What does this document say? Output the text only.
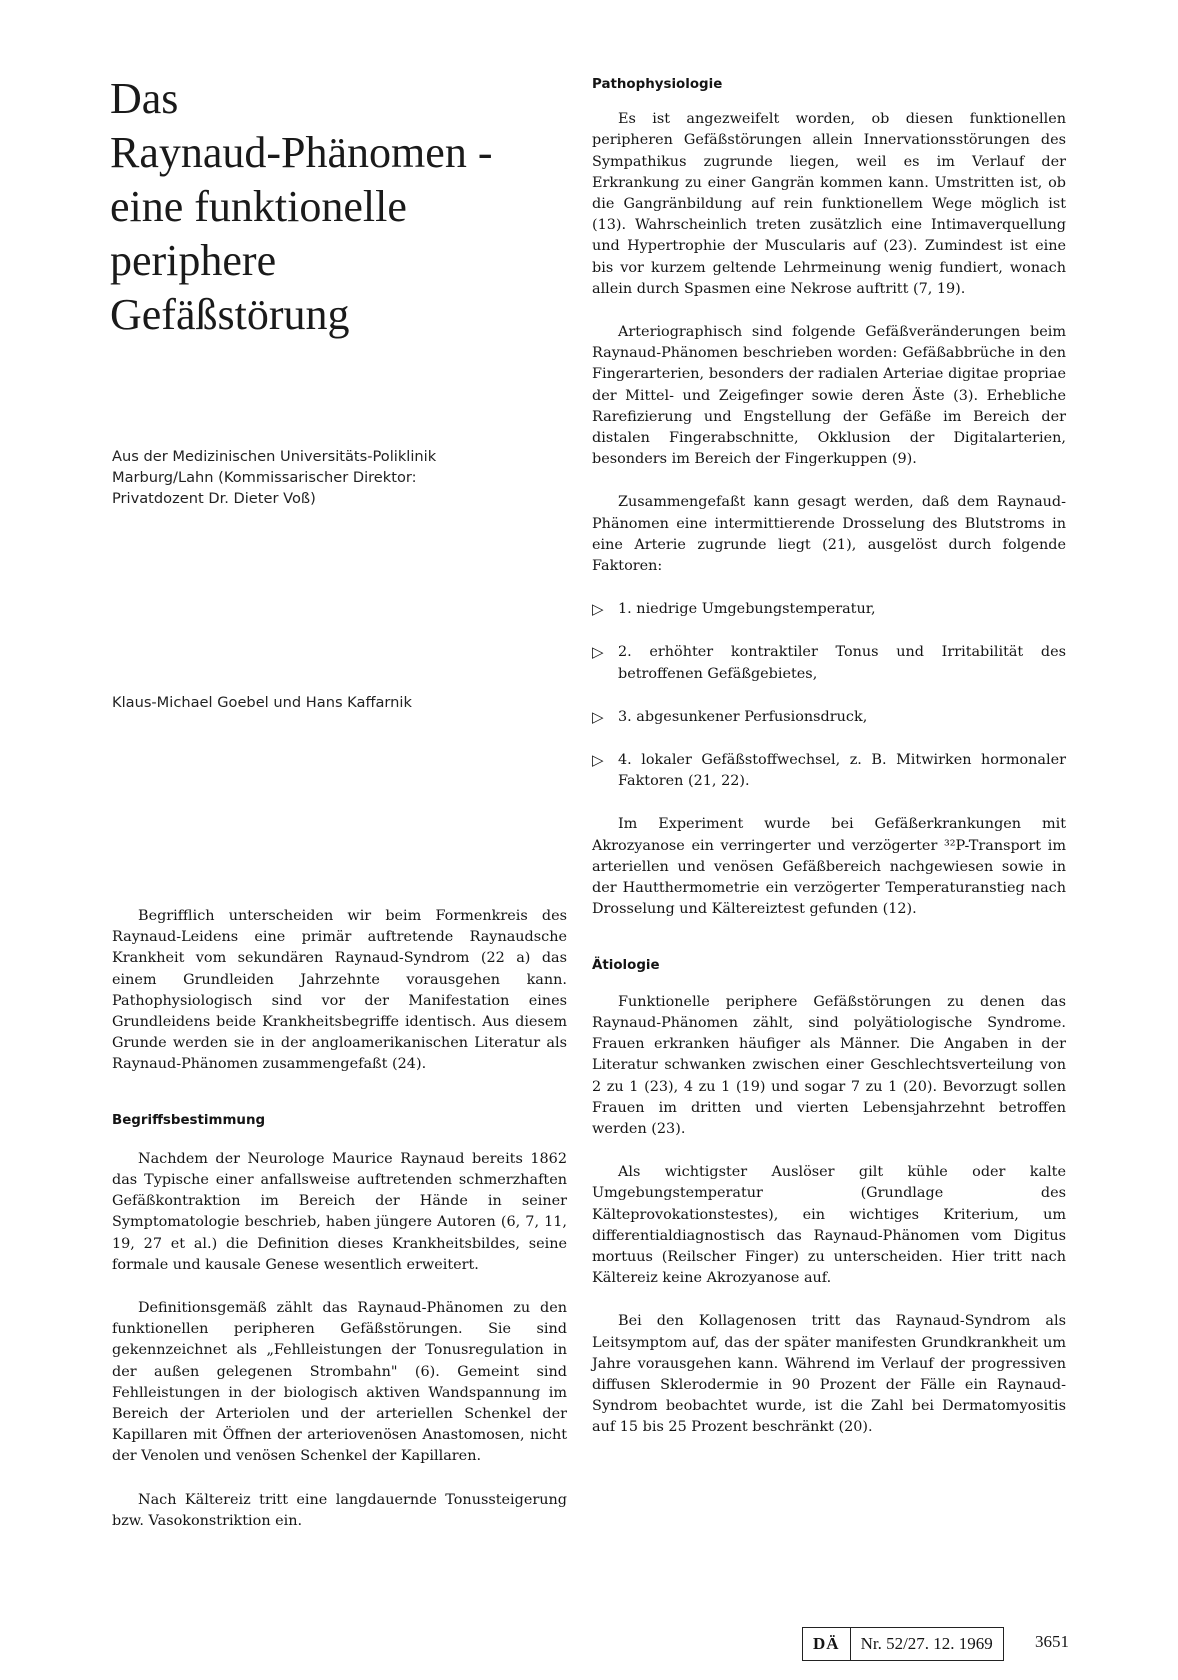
Das
Raynaud-Phänomen -
eine funktionelle
periphere
Gefäßstörung
Aus der Medizinischen Universitäts-Poliklinik
Marburg/Lahn (Kommissarischer Direktor:
Privatdozent Dr. Dieter Voß)
Klaus-Michael Goebel und Hans Kaffarnik

Begrifflich unterscheiden wir beim Formenkreis des Raynaud-Leidens eine primär auftretende Raynaudsche Krankheit vom sekundären Raynaud-Syndrom (22 a) das einem Grundleiden Jahrzehnte vorausgehen kann. Pathophysiologisch sind vor der Manifestation eines Grundleidens beide Krankheitsbegriffe identisch. Aus diesem Grunde werden sie in der angloamerikanischen Literatur als Raynaud-Phänomen zusammengefaßt (24).

Begriffsbestimmung

Nachdem der Neurologe Maurice Raynaud bereits 1862 das Typische einer anfallsweise auftretenden schmerzhaften Gefäßkontraktion im Bereich der Hände in seiner Symptomatologie beschrieb, haben jüngere Autoren (6, 7, 11, 19, 27 et al.) die Definition dieses Krankheitsbildes, seine formale und kausale Genese wesentlich erweitert.

Definitionsgemäß zählt das Raynaud-Phänomen zu den funktionellen peripheren Gefäßstörungen. Sie sind gekennzeichnet als „Fehlleistungen der Tonusregulation in der außen gelegenen Strombahn" (6). Gemeint sind Fehlleistungen in der biologisch aktiven Wandspannung im Bereich der Arteriolen und der arteriellen Schenkel der Kapillaren mit Öffnen der arteriovenösen Anastomosen, nicht der Venolen und venösen Schenkel der Kapillaren.

Nach Kältereiz tritt eine langdauernde Tonussteigerung bzw. Vasokonstriktion ein.

Pathophysiologie

Es ist angezweifelt worden, ob diesen funktionellen peripheren Gefäßstörungen allein Innervationsstörungen des Sympathikus zugrunde liegen, weil es im Verlauf der Erkrankung zu einer Gangrän kommen kann. Umstritten ist, ob die Gangränbildung auf rein funktionellem Wege möglich ist (13). Wahrscheinlich treten zusätzlich eine Intimaverquellung und Hypertrophie der Muscularis auf (23). Zumindest ist eine bis vor kurzem geltende Lehrmeinung wenig fundiert, wonach allein durch Spasmen eine Nekrose auftritt (7, 19).

Arteriographisch sind folgende Gefäßveränderungen beim Raynaud-Phänomen beschrieben worden: Gefäßabbrüche in den Fingerarterien, besonders der radialen Arteriae digitae propriae der Mittel- und Zeigefinger sowie deren Äste (3). Erhebliche Rarefizierung und Engstellung der Gefäße im Bereich der distalen Fingerabschnitte, Okklusion der Digitalarterien, besonders im Bereich der Fingerkuppen (9).

Zusammengefaßt kann gesagt werden, daß dem Raynaud-Phänomen eine intermittierende Drosselung des Blutstroms in eine Arterie zugrunde liegt (21), ausgelöst durch folgende Faktoren:

▷	1. niedrige Umgebungstemperatur,
▷	2. erhöhter kontraktiler Tonus und Irritabilität des betroffenen Gefäßgebietes,
▷	3. abgesunkener Perfusionsdruck,
▷	4. lokaler Gefäßstoffwechsel, z. B. Mitwirken hormonaler Faktoren (21, 22).

Im Experiment wurde bei Gefäßerkrankungen mit Akrozyanose ein verringerter und verzögerter ³²P-Transport im arteriellen und venösen Gefäßbereich nachgewiesen sowie in der Hautthermometrie ein verzögerter Temperaturanstieg nach Drosselung und Kältereiztest gefunden (12).

Ätiologie

Funktionelle periphere Gefäßstörungen zu denen das Raynaud-Phänomen zählt, sind polyätiologische Syndrome. Frauen erkranken häufiger als Männer. Die Angaben in der Literatur schwanken zwischen einer Geschlechtsverteilung von 2 zu 1 (23), 4 zu 1 (19) und sogar 7 zu 1 (20). Bevorzugt sollen Frauen im dritten und vierten Lebensjahrzehnt betroffen werden (23).

Als wichtigster Auslöser gilt kühle oder kalte Umgebungstemperatur (Grundlage des Kälteprovokationstestes), ein wichtiges Kriterium, um differentialdiagnostisch das Raynaud-Phänomen vom Digitus mortuus (Reilscher Finger) zu unterscheiden. Hier tritt nach Kältereiz keine Akrozyanose auf.

Bei den Kollagenosen tritt das Raynaud-Syndrom als Leitsymptom auf, das der später manifesten Grundkrankheit um Jahre vorausgehen kann. Während im Verlauf der progressiven diffusen Sklerodermie in 90 Prozent der Fälle ein Raynaud-Syndrom beobachtet wurde, ist die Zahl bei Dermatomyositis auf 15 bis 25 Prozent beschränkt (20).

DÄ	Nr. 52/27. 12. 1969	3651
